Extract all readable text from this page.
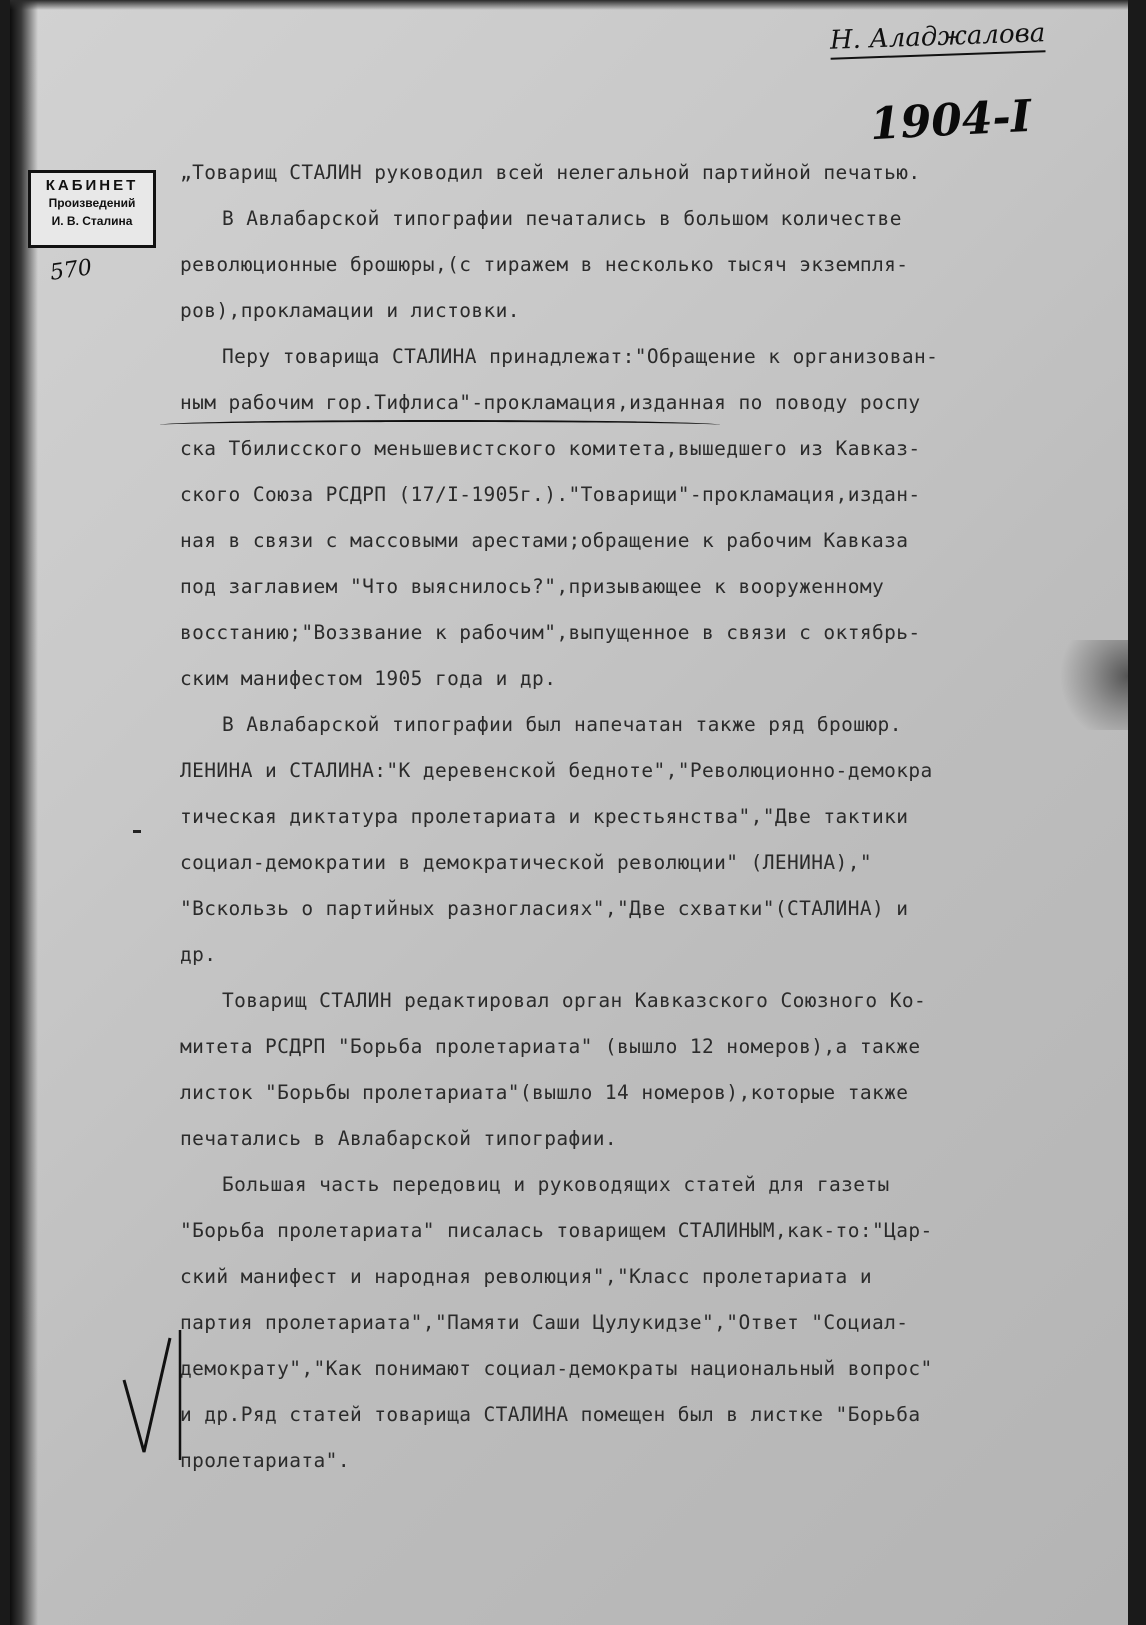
Н. Аладжалова
1904-I
КАБИНЕТ
Произведений
И. В. Сталина
570
„Товарищ СТАЛИН руководил всей нелегальной партийной печатью.
В Авлабарской типографии печатались в большом количестве
революционные брошюры,(с тиражем в несколько тысяч экземпля-
ров),прокламации и листовки.
Перу товарища СТАЛИНА принадлежат:"Обращение к организован-
ным рабочим гор.Тифлиса"-прокламация,изданная по поводу роспу
ска Тбилисского меньшевистского комитета,вышедшего из Кавказ-
ского Союза РСДРП (17/I-1905г.)."Товарищи"-прокламация,издан-
ная в связи с массовыми арестами;обращение к рабочим Кавказа
под заглавием "Что выяснилось?",призывающее к вооруженному
восстанию;"Воззвание к рабочим",выпущенное в связи с октябрь-
ским манифестом 1905 года и др.
В Авлабарской типографии был напечатан также ряд брошюр.
ЛЕНИНА и СТАЛИНА:"К деревенской бедноте","Революционно-демокра
тическая диктатура пролетариата и крестьянства","Две тактики
социал-демократии в демократической революции" (ЛЕНИНА),"
"Вскользь о партийных разногласиях","Две схватки"(СТАЛИНА) и
др.
Товарищ СТАЛИН редактировал орган Кавказского Союзного Ко-
митета РСДРП "Борьба пролетариата" (вышло 12 номеров),а также
листок "Борьбы пролетариата"(вышло 14 номеров),которые также
печатались в Авлабарской типографии.
Большая часть передовиц и руководящих статей для газеты
"Борьба пролетариата" писалась товарищем СТАЛИНЫМ,как-то:"Цар-
ский манифест и народная революция","Класс пролетариата и
партия пролетариата","Памяти Саши Цулукидзе","Ответ "Социал-
демократу","Как понимают социал-демократы национальный вопрос"
и др.Ряд статей товарища СТАЛИНА помещен был в листке "Борьба
пролетариата".
